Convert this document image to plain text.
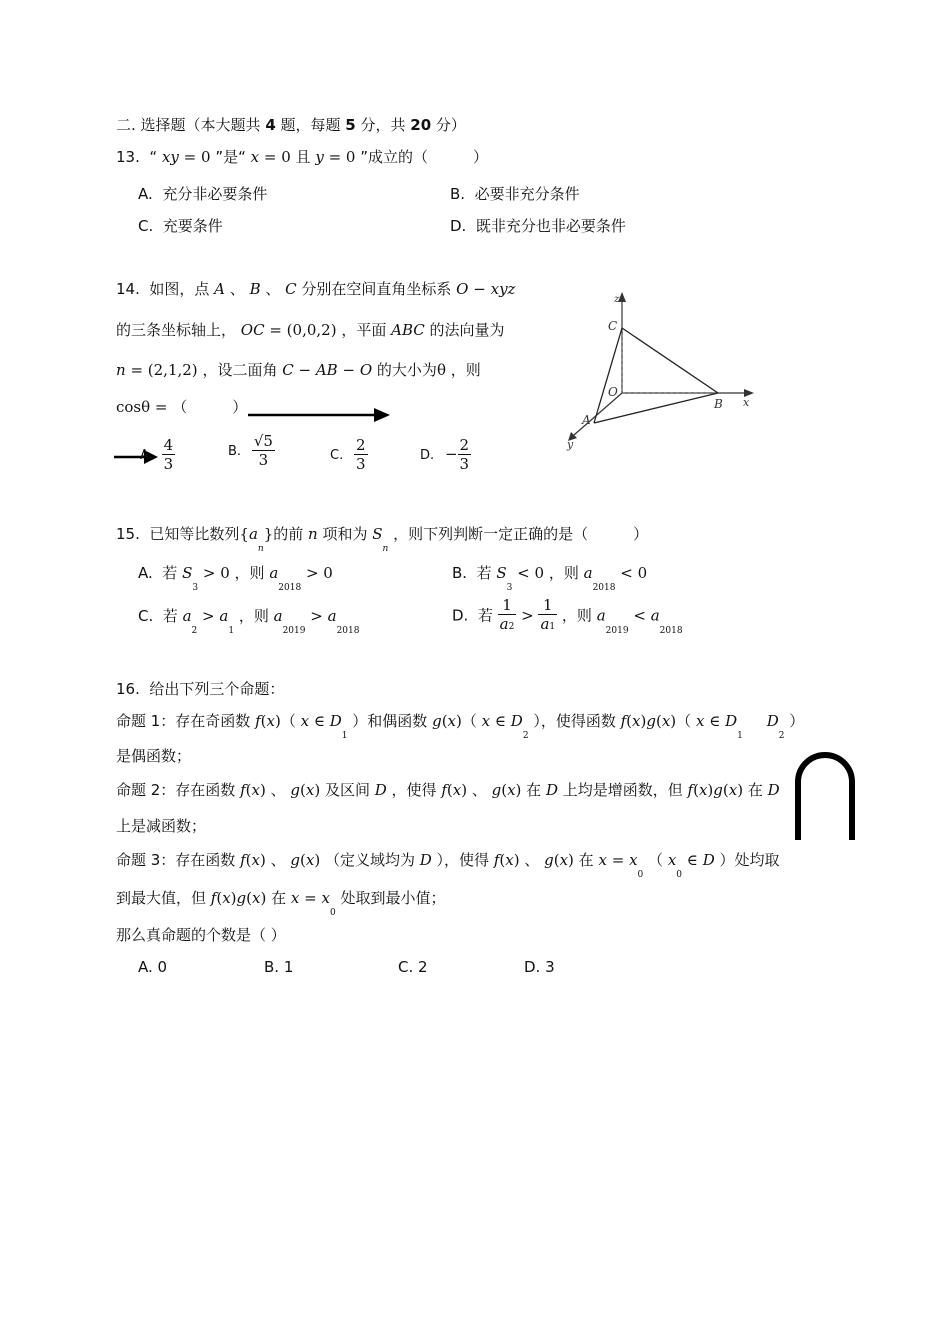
二. 选择题（本大题共 4 题，每题 5 分，共 20 分）
13.  “ xy = 0 ”是“ x = 0 且 y = 0 ”成立的（　　　）
A. 充分非必要条件	B. 必要非充分条件
C. 充要条件	D. 既非充分也非必要条件
14.  如图，点 A 、 B 、 C 分别在空间直角坐标系 O − xyz
的三条坐标轴上， OC = (0,0,2) ，平面 ABC 的法向量为
n = (2,1,2) ，设二面角 C − AB − O 的大小为θ ，则
cosθ = （　　　）
A. $\frac{4}{3}$	B. $\frac{√5}{3}$	C. $\frac{2}{3}$	D. − $\frac{2}{3}$
z
x
y
C
O
B
A
15.  已知等比数列$\{a_n\}$的前 n 项和为 $S_n$ ，则下列判断一定正确的是（　　　）
A.  若 $S_3 > 0$ ，则 $a_{2018} > 0$	B.  若 $S_3 < 0$ ，则 $a_{2018} < 0$
C.  若 $a_2 > a_1$ ，则 $a_{2019} > a_{2018}$
D.  若 $\frac{1}{a2} > \frac{1}{a1}$ ，则 $a_{2019} < a_{2018}$
16. 给出下列三个命题：
命题 1：存在奇函数 f(x)（ x ∈ $D_1$ ）和偶函数 g(x)（ x ∈ $D_2$ ），使得函数 f(x)g(x)（ x ∈ $D_1$     $D_2$ ）
是偶函数；
命题 2：存在函数 f(x) 、 g(x) 及区间 D ，使得 f(x) 、 g(x) 在 D 上均是增函数，但 f(x)g(x) 在 D
上是减函数；
命题 3：存在函数 f(x) 、 g(x) （定义域均为 D ），使得 f(x) 、 g(x) 在 $x = x_0$ （ $x_0$ ∈ D ）处均取
到最大值，但 f(x)g(x) 在 $x = x_0$ 处取到最小值；
那么真命题的个数是（ ）
A. 0	B. 1	C. 2	D. 3
